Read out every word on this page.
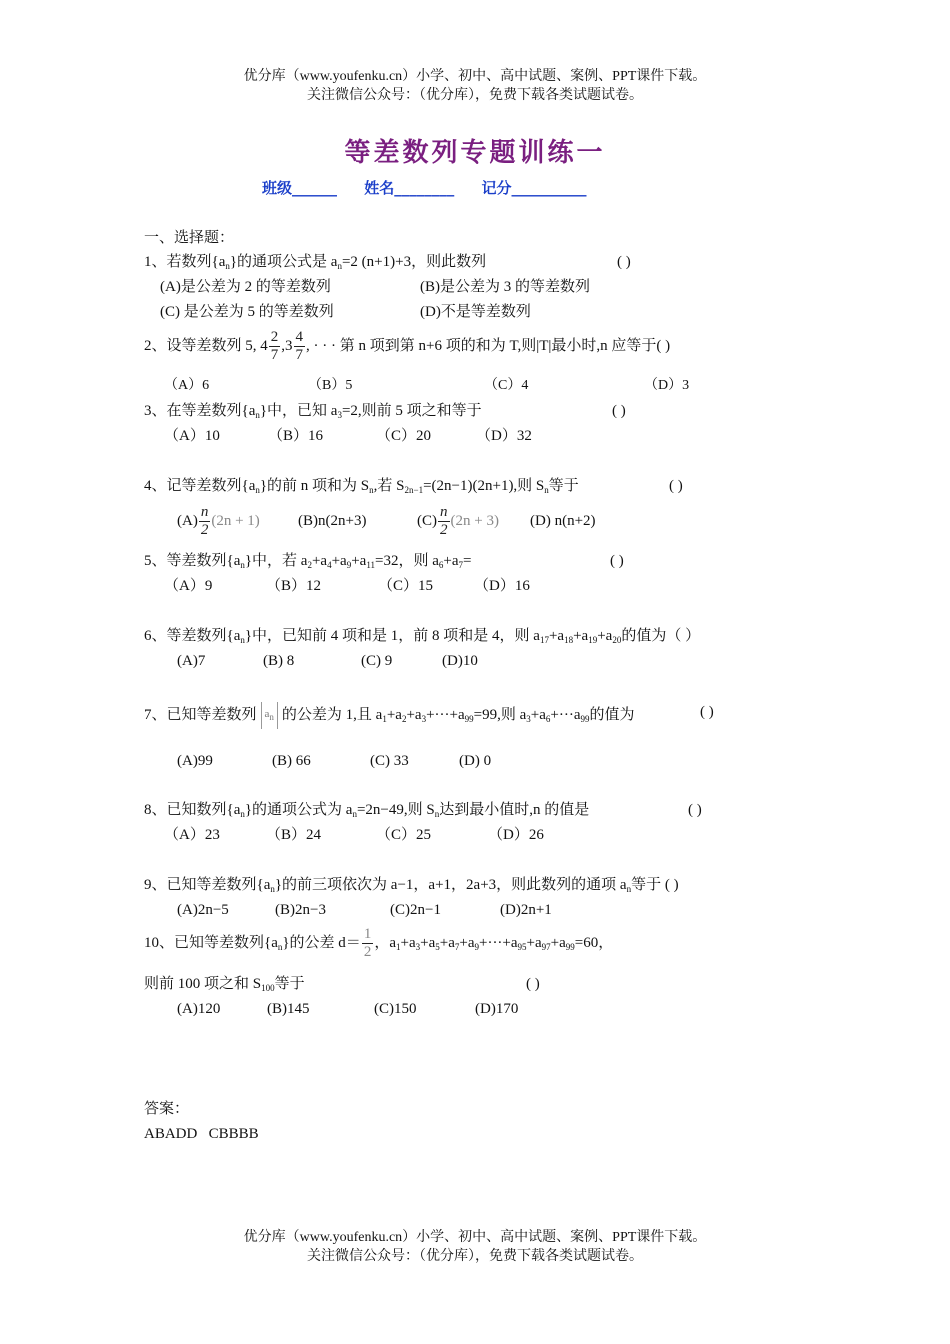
优分库（www.youfenku.cn）小学、初中、高中试题、案例、PPT课件下载。
关注微信公众号：（优分库），免费下载各类试题试卷。
等差数列专题训练一
班级______ 姓名________ 记分__________
一、选择题：
1、若数列$\{a_n\}$的通项公式是 $a_n=2$ (n+1)+3，则此数列	( )
(A)是公差为 2 的等差数列	(B)是公差为 3 的等差数列
(C) 是公差为 5 的等差数列	(D)不是等差数列
2、设等差数列 5, $4 \frac{2}{7} ,3 \frac{4}{7}$ , · · · 第 n 项到第 n+6 项的和为 T,则|T|最小时,n 应等于( )
（A）6	（B）5	（C）4	（D）3
3、在等差数列$\{a_n\}$中，已知 $a_3=2$,则前 5 项之和等于	( )
（A）10	（B）16	（C）20	（D）32
4、记等差数列$\{a_n\}$的前 n 项和为 $S_n$,若 $S_{2n-1}=(2n-1)(2n+1)$,则 $S_n$等于	( )
$(A) \frac{n}{2} (2n + 1)$	(B)n(2n+3)	$(C) \frac{n}{2} (2n + 3)$ (D) n(n+2)
5、等差数列$\{a_n\}$中，若 $a_2+a_4+a_9+a_{11}=32$，则 $a_6+a_7=$	( )
（A）9	（B）12	（C）15	（D）16
6、等差数列$\{a_n\}$中，已知前 4 项和是 1，前 8 项和是 4，则 $a_{17}+a_{18}+a_{19}+a_{20}$的值为（ ）
(A)7	(B) 8	(C) 9	(D)10
7、已知等差数列 $a_n$ 的公差为 1,且 $a_1+a_2+a_3+\cdot\cdot\cdot+a_{99}=99$,则 $a_3+a_6+\cdot\cdot\cdot a_{99}$的值为	( )
(A)99	(B) 66	(C) 33	(D) 0
8、已知数列$\{a_n\}$的通项公式为 $a_n=2n-49$,则 $S_n$达到最小值时,n 的值是	( )
（A）23	（B）24	（C）25	（D）26
9、已知等差数列$\{a_n\}$的前三项依次为 a−1，a+1，2a+3，则此数列的通项 $a_n$等于 ( )
(A)2n−5	(B)2n−3	(C)2n−1	(D)2n+1
10、已知等差数列$\{a_n\}$的公差 $d= \frac{1}{2}$ ，$a_1+a_3+a_5+a_7+a_9+\cdot\cdot\cdot+a_{95}+a_{97}+a_{99}=60$，
则前 100 项之和 $S_{100}$等于	( )
(A)120	(B)145	(C)150	(D)170
答案：
ABADD   CBBBB
优分库（www.youfenku.cn）小学、初中、高中试题、案例、PPT课件下载。
关注微信公众号：（优分库），免费下载各类试题试卷。
